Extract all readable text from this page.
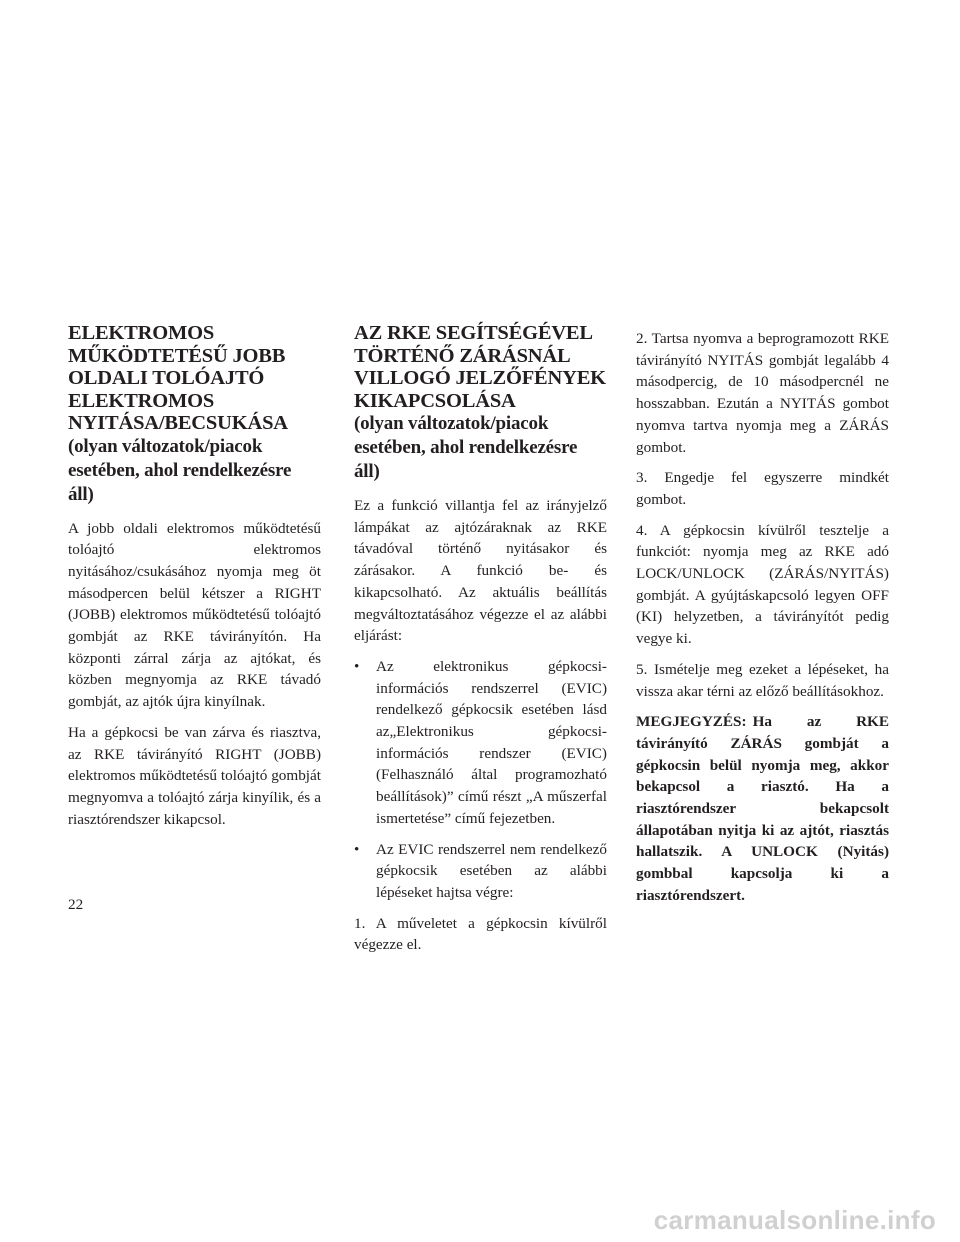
ELEKTROMOS MŰKÖDTETÉSŰ JOBB OLDALI TOLÓAJTÓ ELEKTROMOS NYITÁSA/BECSUKÁSA
(olyan változatok/piacok esetében, ahol rendelkezésre áll)

A jobb oldali elektromos működtetésű tolóajtó elektromos nyitásához/csukásához nyomja meg öt másodpercen belül kétszer a RIGHT (JOBB) elektromos működtetésű tolóajtó gombját az RKE távirányítón. Ha központi zárral zárja az ajtókat, és közben megnyomja az RKE távadó gombját, az ajtók újra kinyílnak.

Ha a gépkocsi be van zárva és riasztva, az RKE távirányító RIGHT (JOBB) elektromos működtetésű tolóajtó gombját megnyomva a tolóajtó zárja kinyílik, és a riasztórendszer kikapcsol.

AZ RKE SEGÍTSÉGÉVEL TÖRTÉNŐ ZÁRÁSNÁL VILLOGÓ JELZŐFÉNYEK KIKAPCSOLÁSA
(olyan változatok/piacok esetében, ahol rendelkezésre áll)

Ez a funkció villantja fel az irányjelző lámpákat az ajtózáraknak az RKE távadóval történő nyitásakor és zárásakor. A funkció be- és kikapcsolható. Az aktuális beállítás megváltoztatásához végezze el az alábbi eljárást:

•	Az elektronikus gépkocsi-információs rendszerrel (EVIC) rendelkező gépkocsik esetében lásd az„Elektronikus gépkocsi-információs rendszer (EVIC) (Felhasználó által programozható beállítások)” című részt „A műszerfal ismertetése” című fejezetben.
•	Az EVIC rendszerrel nem rendelkező gépkocsik esetében az alábbi lépéseket hajtsa végre:

1. A műveletet a gépkocsin kívülről végezze el.

2. Tartsa nyomva a beprogramozott RKE távirányító NYITÁS gombját legalább 4 másodpercig, de 10 másodpercnél ne hosszabban. Ezután a NYITÁS gombot nyomva tartva nyomja meg a ZÁRÁS gombot.

3. Engedje fel egyszerre mindkét gombot.

4. A gépkocsin kívülről tesztelje a funkciót: nyomja meg az RKE adó LOCK/UNLOCK (ZÁRÁS/NYITÁS) gombját. A gyújtáskapcsoló legyen OFF (KI) helyzetben, a távirányítót pedig vegye ki.

5. Ismételje meg ezeket a lépéseket, ha vissza akar térni az előző beállításokhoz.

MEGJEGYZÉS: Ha az RKE távirányító ZÁRÁS gombját a gépkocsin belül nyomja meg, akkor bekapcsol a riasztó. Ha a riasztórendszer bekapcsolt állapotában nyitja ki az ajtót, riasztás hallatszik. A UNLOCK (Nyitás) gombbal kapcsolja ki a riasztórendszert.

22
carmanualsonline.info
